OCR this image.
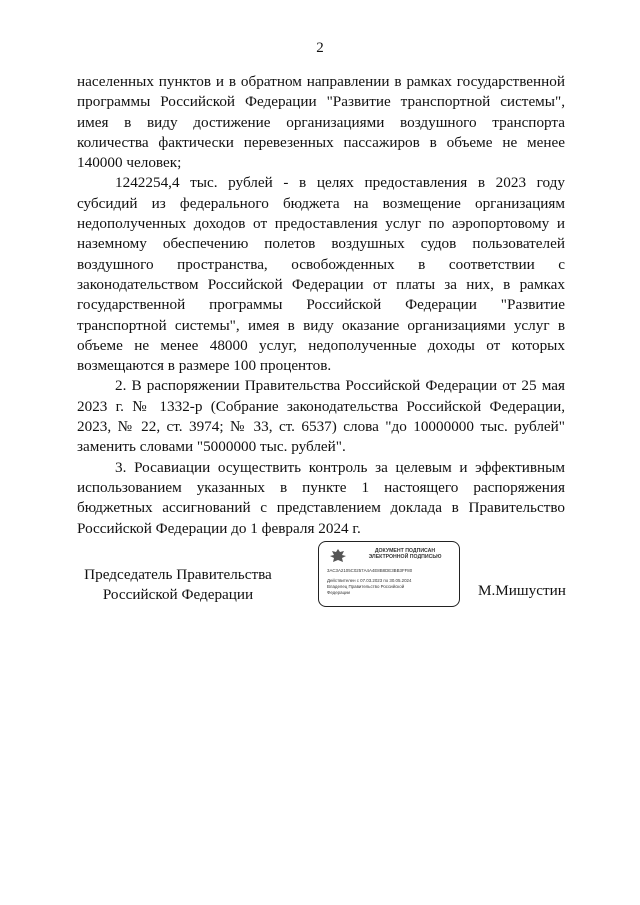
2

населенных пунктов и в обратном направлении в рамках государственной программы Российской Федерации "Развитие транспортной системы", имея в виду достижение организациями воздушного транспорта количества фактически перевезенных пассажиров в объеме не менее 140000 человек;

1242254,4 тыс. рублей - в целях предоставления в 2023 году субсидий из федерального бюджета на возмещение организациям недополученных доходов от предоставления услуг по аэропортовому и наземному обеспечению полетов воздушных судов пользователей воздушного пространства, освобожденных в соответствии с законодательством Российской Федерации от платы за них, в рамках государственной программы Российской Федерации "Развитие транспортной системы", имея в виду оказание организациями услуг в объеме не менее 48000 услуг, недополученные доходы от которых возмещаются в размере 100 процентов.

2. В распоряжении Правительства Российской Федерации от 25 мая 2023 г. № 1332-р (Собрание законодательства Российской Федерации, 2023, № 22, ст. 3974; № 33, ст. 6537) слова "до 10000000 тыс. рублей" заменить словами "5000000 тыс. рублей".

3. Росавиации осуществить контроль за целевым и эффективным использованием указанных в пункте 1 настоящего распоряжения бюджетных ассигнований с представлением доклада в Правительство Российской Федерации до 1 февраля 2024 г.

Председатель Правительства
Российской Федерации
ДОКУМЕНТ ПОДПИСАН
ЭЛЕКТРОННОЙ ПОДПИСЬЮ
3AC3A2105C0257A4A4E8B8DE3BB3FF80
Действителен с 07.03.2023 по 30.05.2024
Владелец Правительство Российской
Федерации	М.Мишустин
